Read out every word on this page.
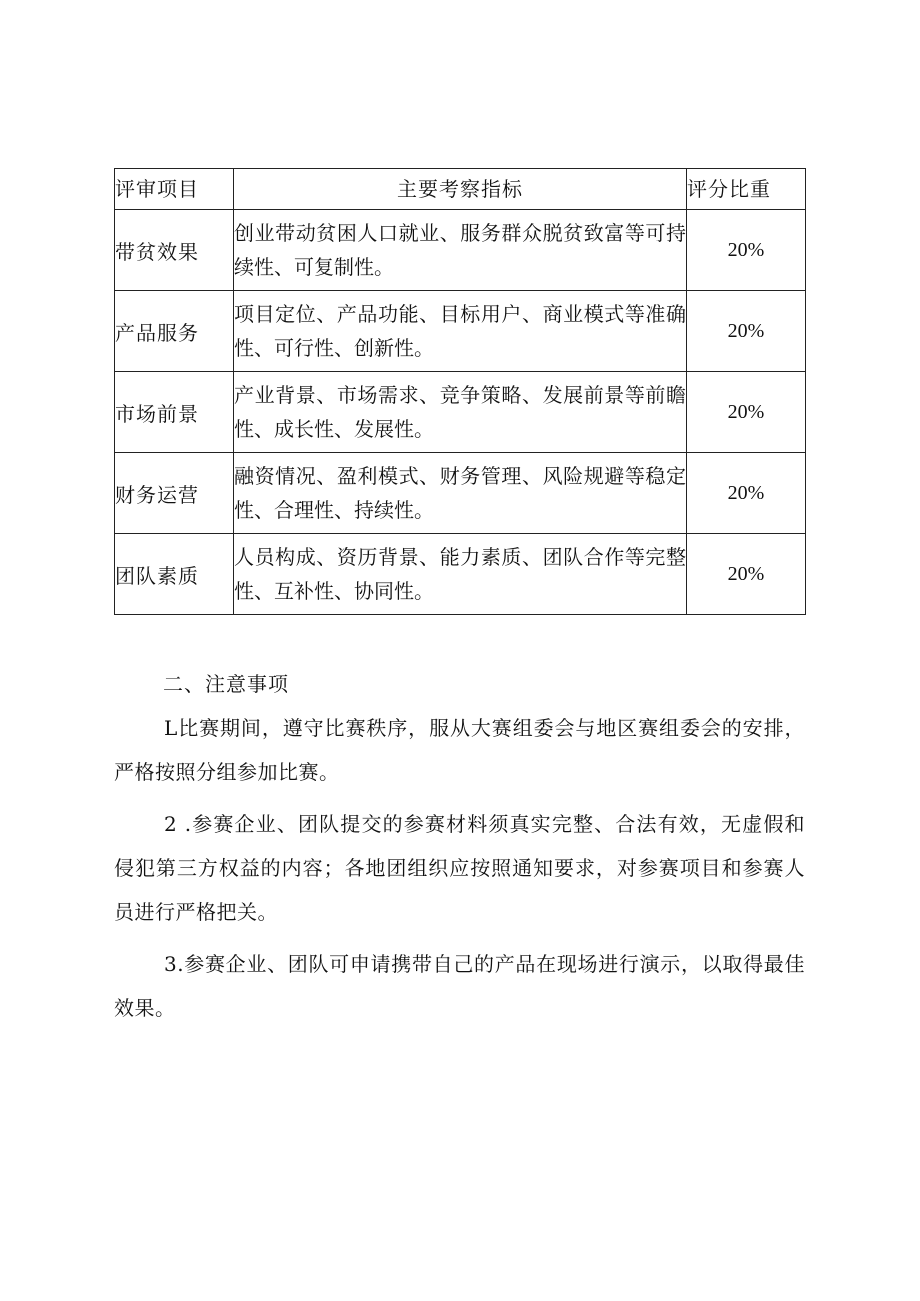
评审项目	主要考察指标	评分比重
带贫效果	创业带动贫困人口就业、服务群众脱贫致富等可持续性、可复制性。	20%
产品服务	项目定位、产品功能、目标用户、商业模式等准确性、可行性、创新性。	20%
市场前景	产业背景、市场需求、竞争策略、发展前景等前瞻性、成长性、发展性。	20%
财务运营	融资情况、盈利模式、财务管理、风险规避等稳定性、合理性、持续性。	20%
团队素质	人员构成、资历背景、能力素质、团队合作等完整性、互补性、协同性。	20%
二、注意事项

L比赛期间，遵守比赛秩序，服从大赛组委会与地区赛组委会的安排，严格按照分组参加比赛。

2 .参赛企业、团队提交的参赛材料须真实完整、合法有效，无虚假和侵犯第三方权益的内容；各地团组织应按照通知要求，对参赛项目和参赛人员进行严格把关。

3.参赛企业、团队可申请携带自己的产品在现场进行演示，以取得最佳效果。
